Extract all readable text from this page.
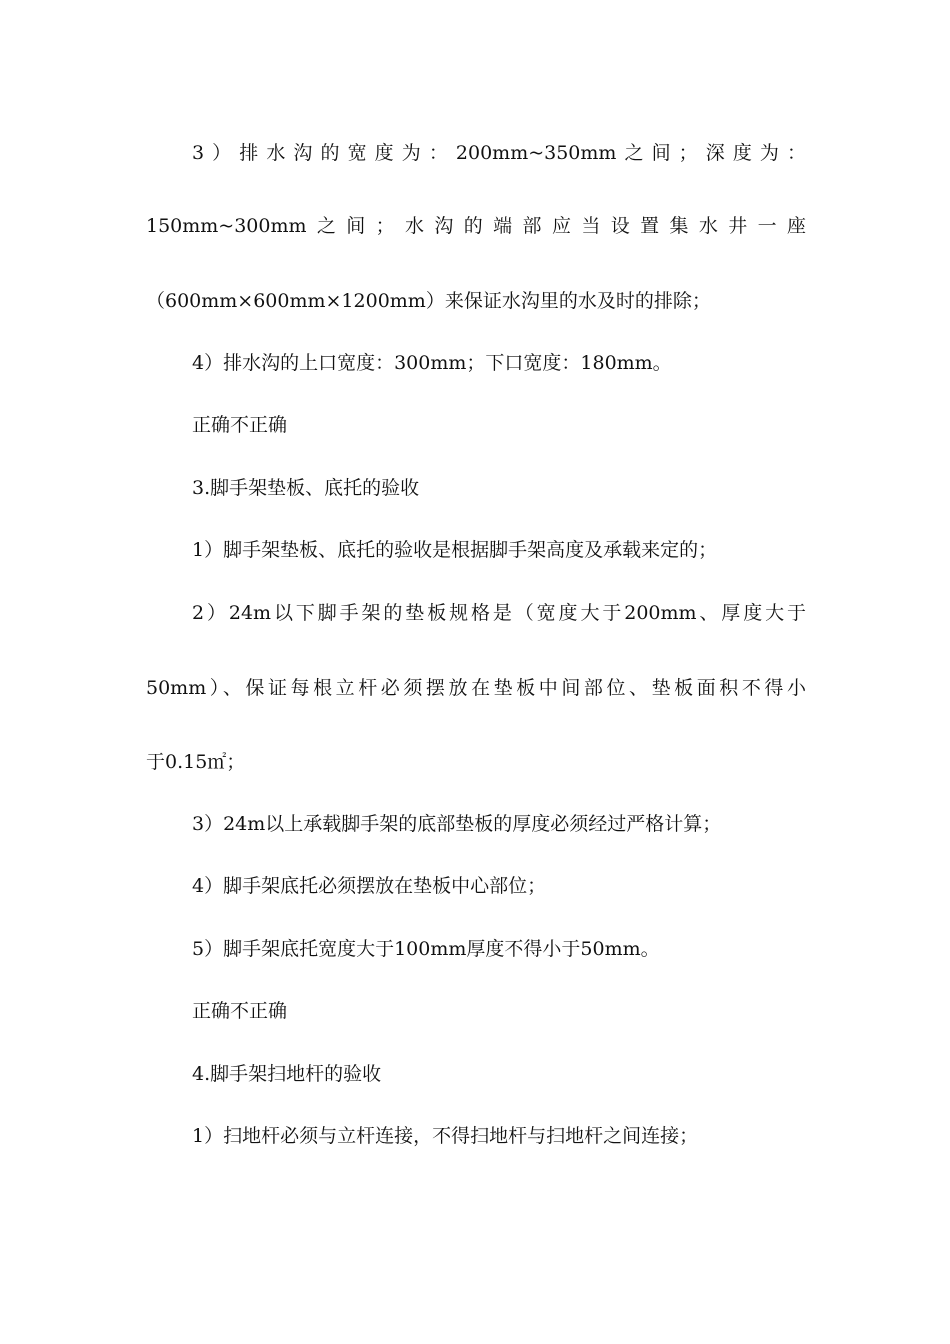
3）排水沟的宽度为：200mm~350mm之间；深度为：
150mm~300mm之间；水沟的端部应当设置集水井一座
（600mm×600mm×1200mm）来保证水沟里的水及时的排除；
4）排水沟的上口宽度：300mm；下口宽度：180mm。
正确不正确
3.脚手架垫板、底托的验收
1）脚手架垫板、底托的验收是根据脚手架高度及承载来定的；
2）24m以下脚手架的垫板规格是（宽度大于200mm、厚度大于
50mm）、保证每根立杆必须摆放在垫板中间部位、垫板面积不得小
于0.15㎡；
3）24m以上承载脚手架的底部垫板的厚度必须经过严格计算；
4）脚手架底托必须摆放在垫板中心部位；
5）脚手架底托宽度大于100mm厚度不得小于50mm。
正确不正确
4.脚手架扫地杆的验收
1）扫地杆必须与立杆连接，不得扫地杆与扫地杆之间连接；
